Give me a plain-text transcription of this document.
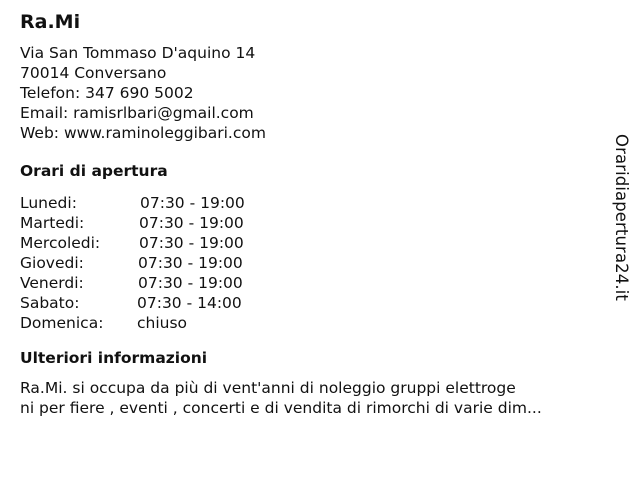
Ra.Mi
Via San Tommaso D'aquino 14
70014 Conversano
Telefon: 347 690 5002
Email: ramisrlbari@gmail.com
Web: www.raminoleggibari.com
Orari di apertura
Lunedi:	07:30 - 19:00
Martedi:	07:30 - 19:00
Mercoledi:	07:30 - 19:00
Giovedi:	07:30 - 19:00
Venerdi:	07:30 - 19:00
Sabato:	07:30 - 14:00
Domenica: chiuso
Ulteriori informazioni
Ra.Mi. si occupa da più di vent'anni di noleggio gruppi elettroge
ni per fiere , eventi , concerti e di vendita di rimorchi di varie dim...
Oraridiapertura24.it
